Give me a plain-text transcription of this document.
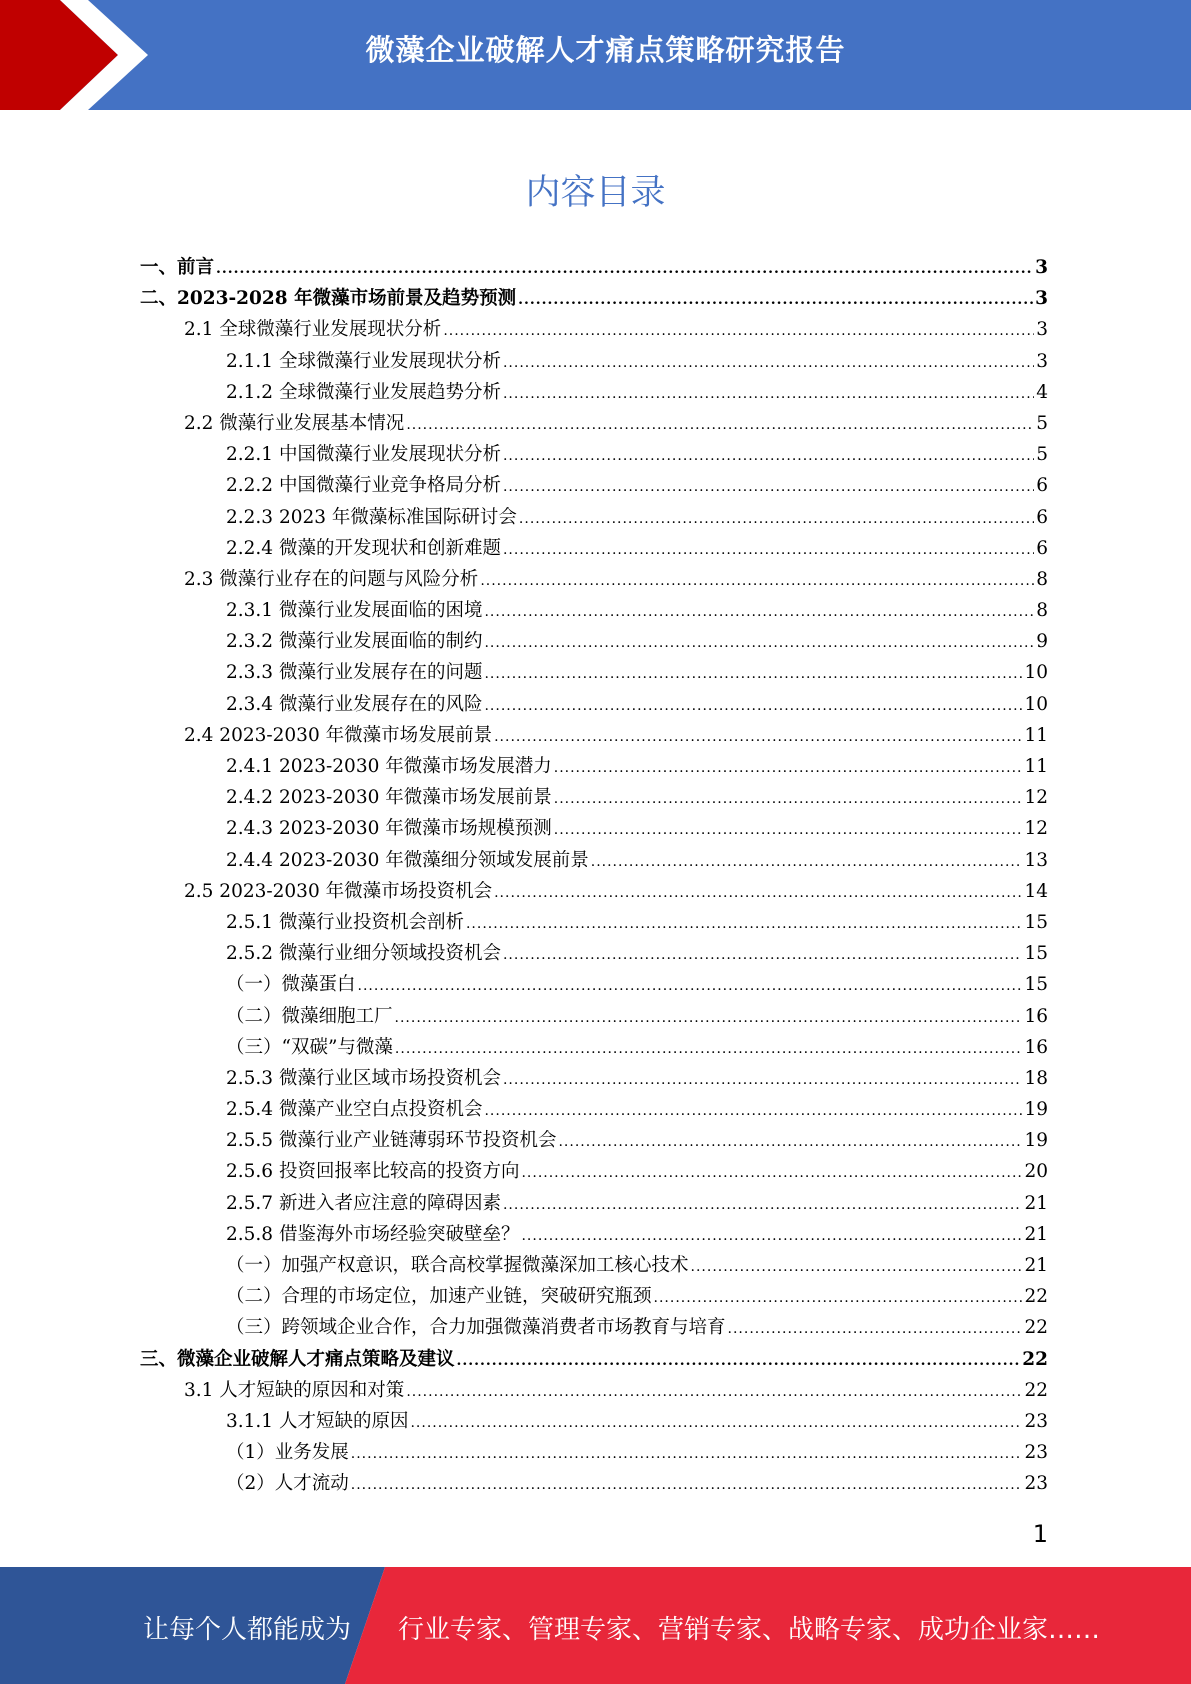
微藻企业破解人才痛点策略研究报告
内容目录
一、前言 .....	3
二、2023-2028 年微藻市场前景及趋势预测 .....	3
2.1 全球微藻行业发展现状分析 .....	3
2.1.1 全球微藻行业发展现状分析 .....	3
2.1.2 全球微藻行业发展趋势分析 .....	4
2.2 微藻行业发展基本情况 .....	5
2.2.1 中国微藻行业发展现状分析 .....	5
2.2.2 中国微藻行业竞争格局分析 .....	6
2.2.3 2023 年微藻标准国际研讨会 .....	6
2.2.4 微藻的开发现状和创新难题 .....	6
2.3 微藻行业存在的问题与风险分析 .....	8
2.3.1 微藻行业发展面临的困境 .....	8
2.3.2 微藻行业发展面临的制约 .....	9
2.3.3 微藻行业发展存在的问题 .....	10
2.3.4 微藻行业发展存在的风险 .....	10
2.4 2023-2030 年微藻市场发展前景 .....	11
2.4.1 2023-2030 年微藻市场发展潜力 .....	11
2.4.2 2023-2030 年微藻市场发展前景 .....	12
2.4.3 2023-2030 年微藻市场规模预测 .....	12
2.4.4 2023-2030 年微藻细分领域发展前景 .....	13
2.5 2023-2030 年微藻市场投资机会 .....	14
2.5.1 微藻行业投资机会剖析 .....	15
2.5.2 微藻行业细分领域投资机会 .....	15
（一）微藻蛋白 .....	15
（二）微藻细胞工厂 .....	16
（三）“双碳”与微藻 .....	16
2.5.3 微藻行业区域市场投资机会 .....	18
2.5.4 微藻产业空白点投资机会 .....	19
2.5.5 微藻行业产业链薄弱环节投资机会 .....	19
2.5.6 投资回报率比较高的投资方向 .....	20
2.5.7 新进入者应注意的障碍因素 .....	21
2.5.8 借鉴海外市场经验突破壁垒？ .....	21
（一）加强产权意识，联合高校掌握微藻深加工核心技术 .....	21
（二）合理的市场定位，加速产业链，突破研究瓶颈 .....	22
（三）跨领域企业合作，合力加强微藻消费者市场教育与培育 .....	22
三、微藻企业破解人才痛点策略及建议 .....	22
3.1 人才短缺的原因和对策 .....	22
3.1.1 人才短缺的原因 .....	23
（1）业务发展 .....	23
（2）人才流动 .....	23
1
让每个人都能成为 行业专家、管理专家、营销专家、战略专家、成功企业家……
